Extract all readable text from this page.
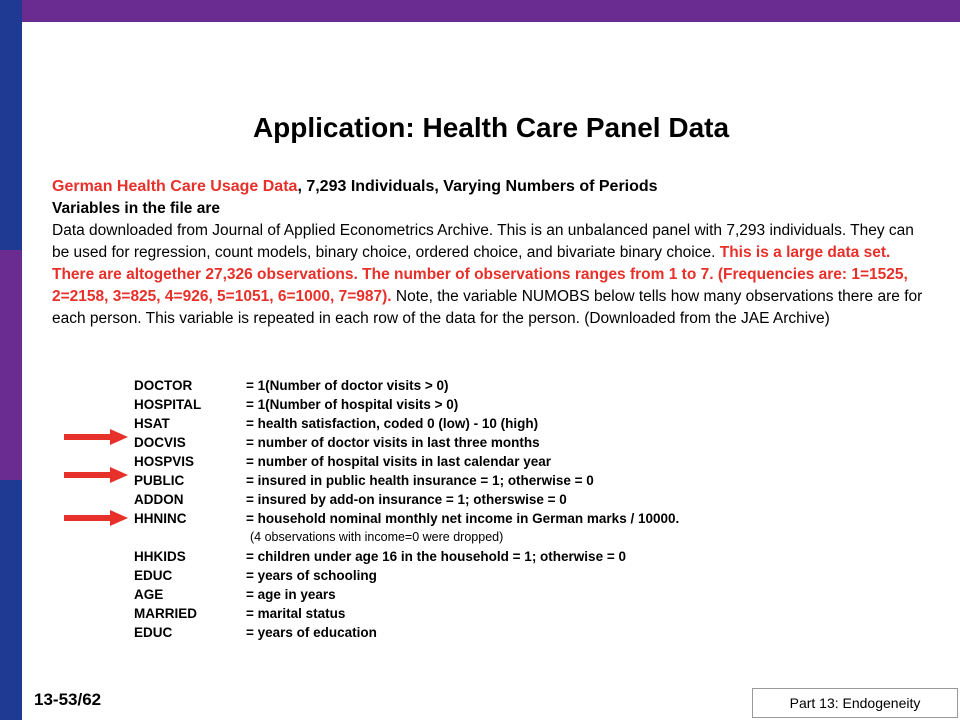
Application: Health Care Panel Data
German Health Care Usage Data, 7,293 Individuals, Varying Numbers of Periods
Variables in the file are
Data downloaded from Journal of Applied Econometrics Archive. This is an unbalanced panel with 7,293 individuals. They can be used for regression, count models, binary choice, ordered choice, and bivariate binary choice. This is a large data set. There are altogether 27,326 observations. The number of observations ranges from 1 to 7. (Frequencies are: 1=1525, 2=2158, 3=825, 4=926, 5=1051, 6=1000, 7=987). Note, the variable NUMOBS below tells how many observations there are for each person. This variable is repeated in each row of the data for the person. (Downloaded from the JAE Archive)
DOCTOR	= 1(Number of doctor visits > 0)
HOSPITAL	= 1(Number of hospital visits > 0)
HSAT	= health satisfaction, coded 0 (low) - 10 (high)
DOCVIS	= number of doctor visits in last three months
HOSPVIS	= number of hospital visits in last calendar year
PUBLIC	= insured in public health insurance = 1; otherwise = 0
ADDON	= insured by add-on insurance = 1; otherswise = 0
HHNINC	= household nominal monthly net income in German marks / 10000.
(4 observations with income=0 were dropped)
HHKIDS	= children under age 16 in the household = 1; otherwise = 0
EDUC	= years of schooling
AGE	= age in years
MARRIED	= marital status
EDUC	= years of education
13-53/62	Part 13: Endogeneity
